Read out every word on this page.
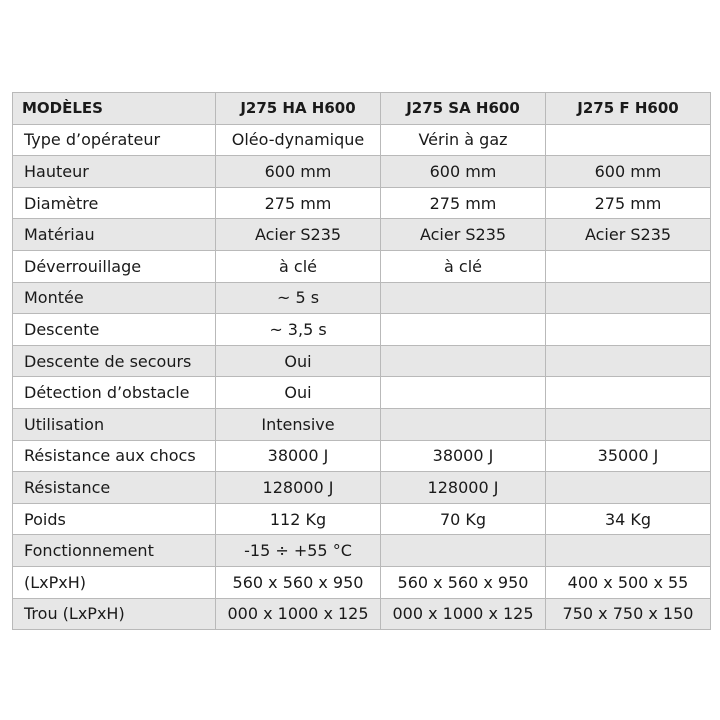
MODÈLES	J275 HA H600	J275 SA H600	J275 F H600
Type d’opérateur	Oléo-dynamique	Vérin à gaz	
Hauteur	600 mm	600 mm	600 mm
Diamètre	275 mm	275 mm	275 mm
Matériau	Acier S235	Acier S235	Acier S235
Déverrouillage	à clé	à clé	
Montée	~ 5 s		
Descente	~ 3,5 s		
Descente de secours	Oui		
Détection d’obstacle	Oui		
Utilisation	Intensive		
Résistance aux chocs	38000 J	38000 J	35000 J
Résistance	128000 J	128000 J	
Poids	112 Kg	70 Kg	34 Kg
Fonctionnement	-15 ÷ +55 °C		
(LxPxH)	560 x 560 x 950	560 x 560 x 950	400 x 500 x 55
Trou (LxPxH)	000 x 1000 x 125	000 x 1000 x 125	750 x 750 x 150
